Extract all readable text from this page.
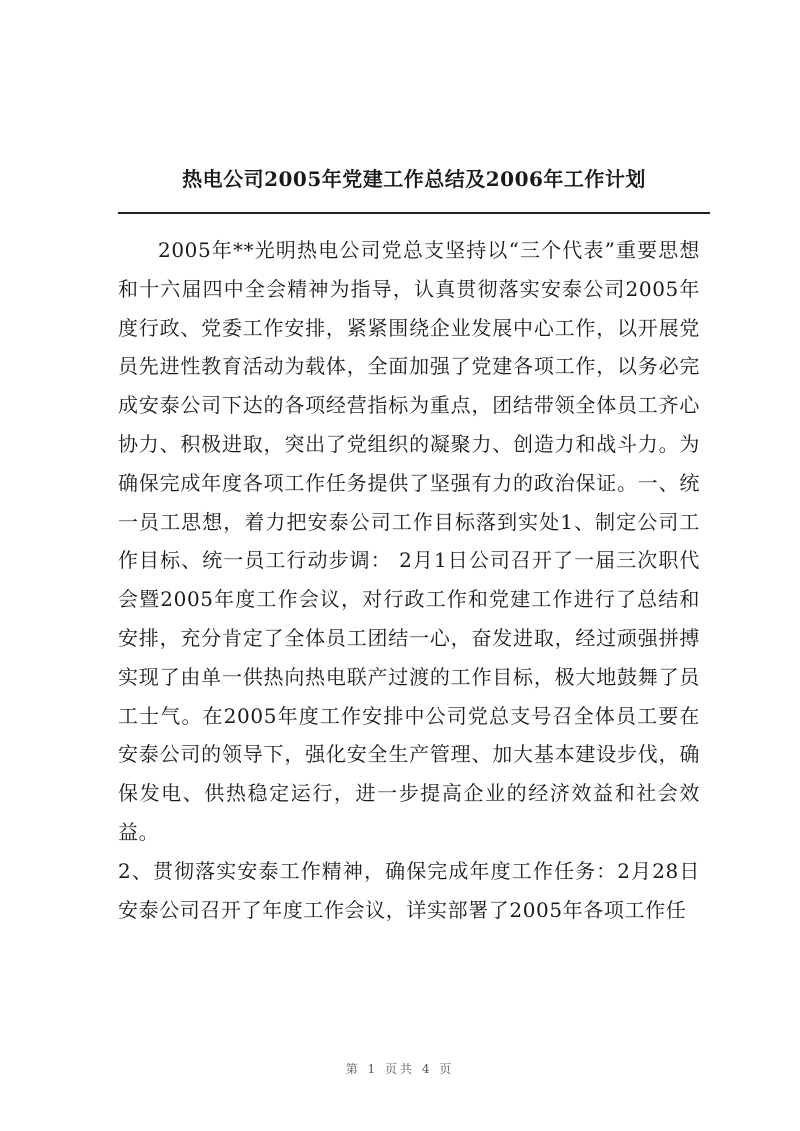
热电公司2005年党建工作总结及2006年工作计划

2005年**光明热电公司党总支坚持以“三个代表”重要思想和十六届四中全会精神为指导，认真贯彻落实安泰公司2005年度行政、党委工作安排，紧紧围绕企业发展中心工作，以开展党员先进性教育活动为载体，全面加强了党建各项工作，以务必完成安泰公司下达的各项经营指标为重点，团结带领全体员工齐心协力、积极进取，突出了党组织的凝聚力、创造力和战斗力。为确保完成年度各项工作任务提供了坚强有力的政治保证。一、统一员工思想，着力把安泰公司工作目标落到实处1、制定公司工作目标、统一员工行动步调： 2月1日公司召开了一届三次职代会暨2005年度工作会议，对行政工作和党建工作进行了总结和安排，充分肯定了全体员工团结一心，奋发进取，经过顽强拼搏实现了由单一供热向热电联产过渡的工作目标，极大地鼓舞了员工士气。在2005年度工作安排中公司党总支号召全体员工要在安泰公司的领导下，强化安全生产管理、加大基本建设步伐，确保发电、供热稳定运行，进一步提高企业的经济效益和社会效益。

2、贯彻落实安泰工作精神，确保完成年度工作任务：2月28日安泰公司召开了年度工作会议，详实部署了2005年各项工作任

第 1 页共 4 页
